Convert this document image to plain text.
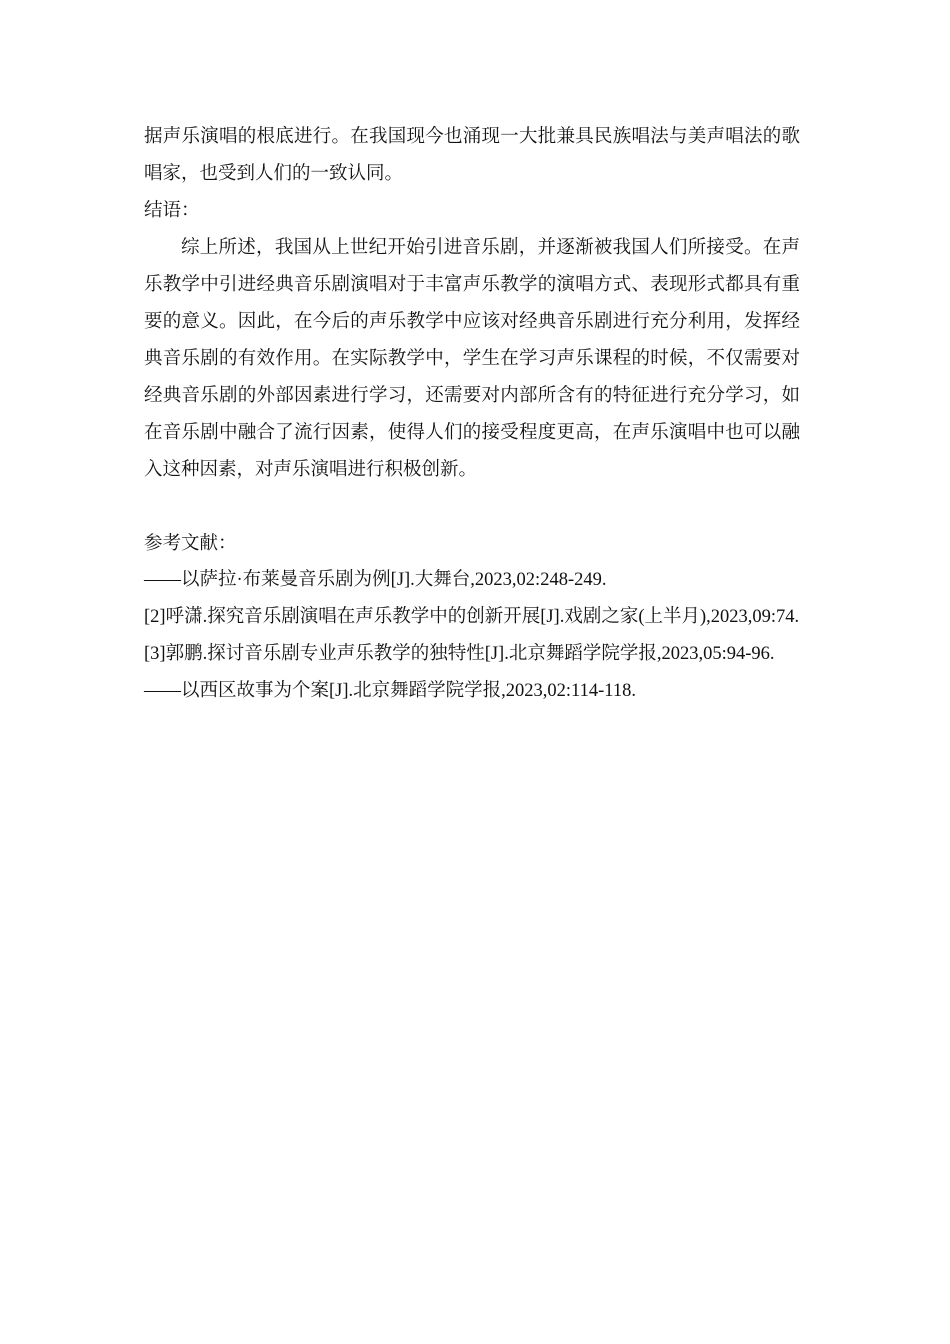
据声乐演唱的根底进行。在我国现今也涌现一大批兼具民族唱法与美声唱法的歌唱家，也受到人们的一致认同。

结语：

综上所述，我国从上世纪开始引进音乐剧，并逐渐被我国人们所接受。在声乐教学中引进经典音乐剧演唱对于丰富声乐教学的演唱方式、表现形式都具有重要的意义。因此，在今后的声乐教学中应该对经典音乐剧进行充分利用，发挥经典音乐剧的有效作用。在实际教学中，学生在学习声乐课程的时候，不仅需要对经典音乐剧的外部因素进行学习，还需要对内部所含有的特征进行充分学习，如在音乐剧中融合了流行因素，使得人们的接受程度更高，在声乐演唱中也可以融入这种因素，对声乐演唱进行积极创新。

参考文献：

——以萨拉·布莱曼音乐剧为例[J].大舞台,2023,02:248-249.
[2]呼潇.探究音乐剧演唱在声乐教学中的创新开展[J].戏剧之家(上半月),2023,09:74.
[3]郭鹏.探讨音乐剧专业声乐教学的独特性[J].北京舞蹈学院学报,2023,05:94-96.
——以西区故事为个案[J].北京舞蹈学院学报,2023,02:114-118.
